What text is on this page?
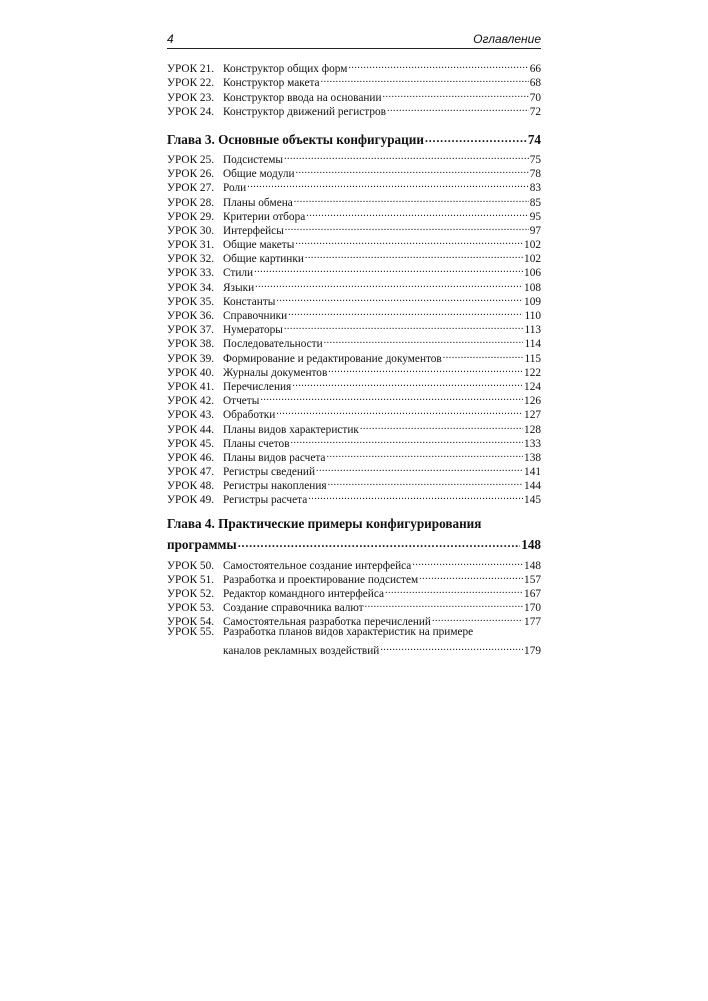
4	Оглавление
УРОК 21. Конструктор общих форм .....	66
УРОК 22. Конструктор макета .....	68
УРОК 23. Конструктор ввода на основании .....	70
УРОК 24. Конструктор движений регистров .....	72
Глава 3. Основные объекты конфигурации .....	74
УРОК 25. Подсистемы .....	75
УРОК 26. Общие модули .....	78
УРОК 27. Роли .....	83
УРОК 28. Планы обмена .....	85
УРОК 29. Критерии отбора .....	95
УРОК 30. Интерфейсы .....	97
УРОК 31. Общие макеты .....	102
УРОК 32. Общие картинки .....	102
УРОК 33. Стили .....	106
УРОК 34. Языки .....	108
УРОК 35. Константы .....	109
УРОК 36. Справочники .....	110
УРОК 37. Нумераторы .....	113
УРОК 38. Последовательности .....	114
УРОК 39. Формирование и редактирование документов .....	115
УРОК 40. Журналы документов .....	122
УРОК 41. Перечисления .....	124
УРОК 42. Отчеты .....	126
УРОК 43. Обработки .....	127
УРОК 44. Планы видов характеристик .....	128
УРОК 45. Планы счетов .....	133
УРОК 46. Планы видов расчета .....	138
УРОК 47. Регистры сведений .....	141
УРОК 48. Регистры накопления .....	144
УРОК 49. Регистры расчета .....	145
Глава 4. Практические примеры конфигурирования
программы .....	148
УРОК 50. Самостоятельное создание интерфейса .....	148
УРОК 51. Разработка и проектирование подсистем .....	157
УРОК 52. Редактор командного интерфейса .....	167
УРОК 53. Создание справочника валют .....	170
УРОК 54. Самостоятельная разработка перечислений .....	177
УРОК 55. Разработка планов видов характеристик на примере
каналов рекламных воздействий .....	179
